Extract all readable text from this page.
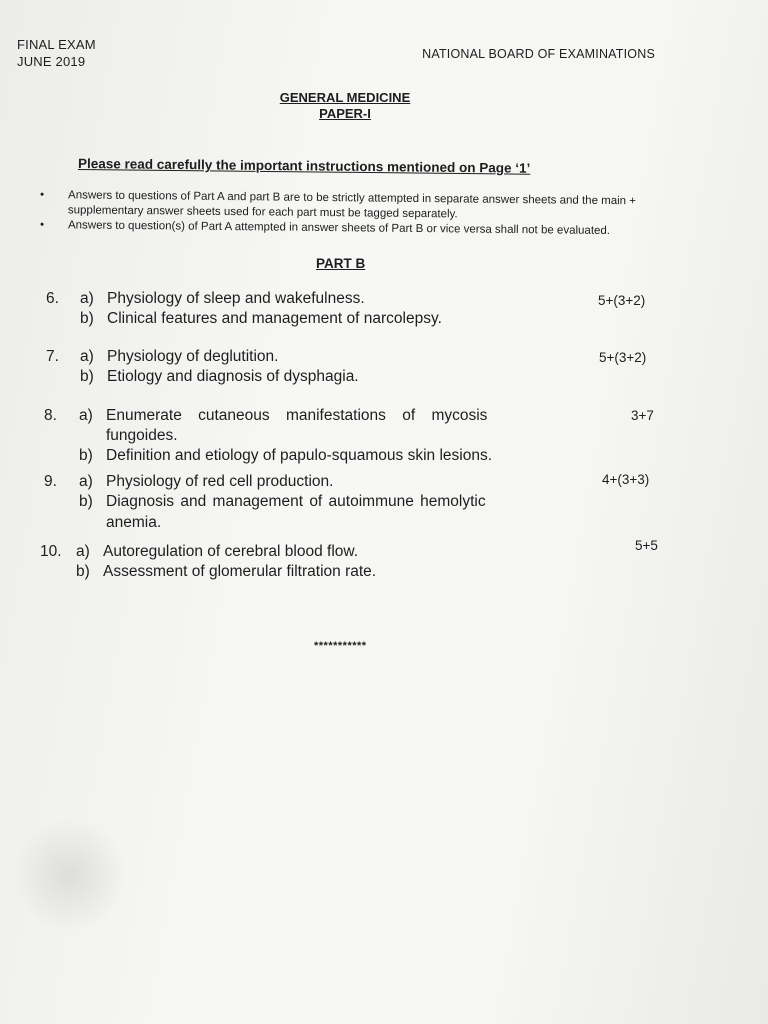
FINAL EXAM
JUNE 2019	NATIONAL BOARD OF EXAMINATIONS
GENERAL MEDICINE
PAPER-I
Please read carefully the important instructions mentioned on Page ‘1’
• Answers to questions of Part A and part B are to be strictly attempted in separate answer sheets and the main + supplementary answer sheets used for each part must be tagged separately.
• Answers to question(s) of Part A attempted in answer sheets of Part B or vice versa shall not be evaluated.
PART B
6. a) Physiology of sleep and wakefulness.
b) Clinical features and management of narcolepsy.
5+(3+2)
7. a) Physiology of deglutition.
b) Etiology and diagnosis of dysphagia.
5+(3+2)
8. a) Enumerate cutaneous manifestations of mycosis
fungoides.
b) Definition and etiology of papulo-squamous skin lesions.
3+7
9. a) Physiology of red cell production.
b) Diagnosis and management of autoimmune hemolytic
anemia.
4+(3+3)
10. a) Autoregulation of cerebral blood flow.
b) Assessment of glomerular filtration rate.
5+5
***********
